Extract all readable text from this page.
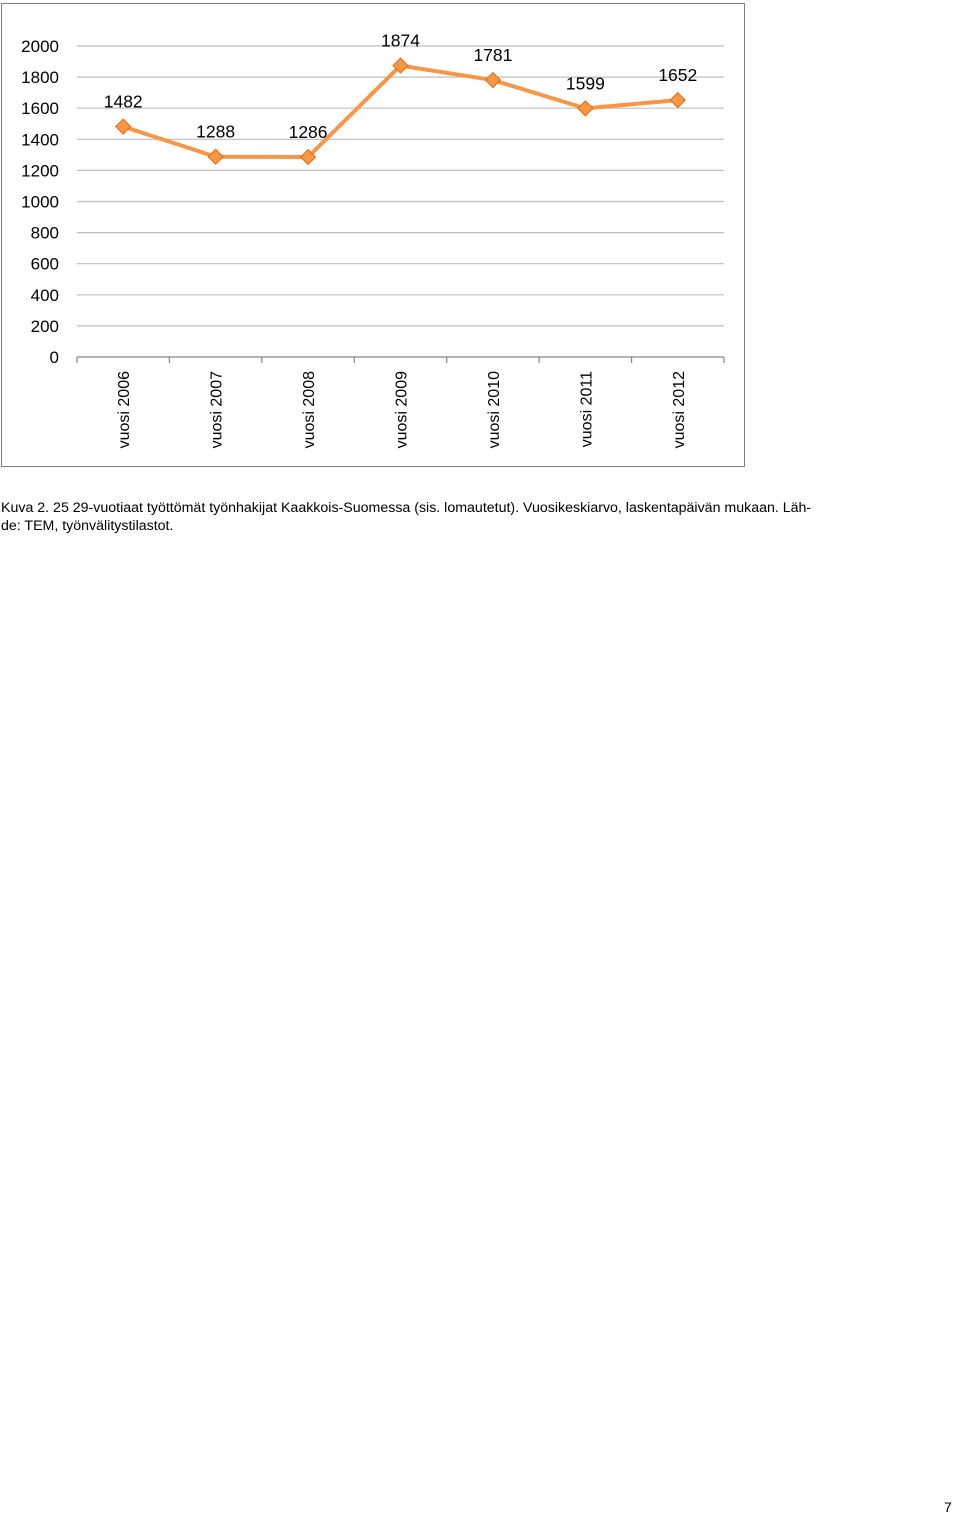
2000
1800
1600
1400
1200
1000
800
600
400
200
0
vuosi 2006	vuosi 2007	vuosi 2008	vuosi 2009	vuosi 2010	vuosi 2011	vuosi 2012
1482
1288	1286
1874
1781
1599	1652

Kuva 2. 25 29-vuotiaat työttömät työnhakijat Kaakkois-Suomessa (sis. lomautetut). Vuosikeskiarvo, laskentapäivän mukaan. Läh-
de: TEM, työnvälitystilastot.

7
